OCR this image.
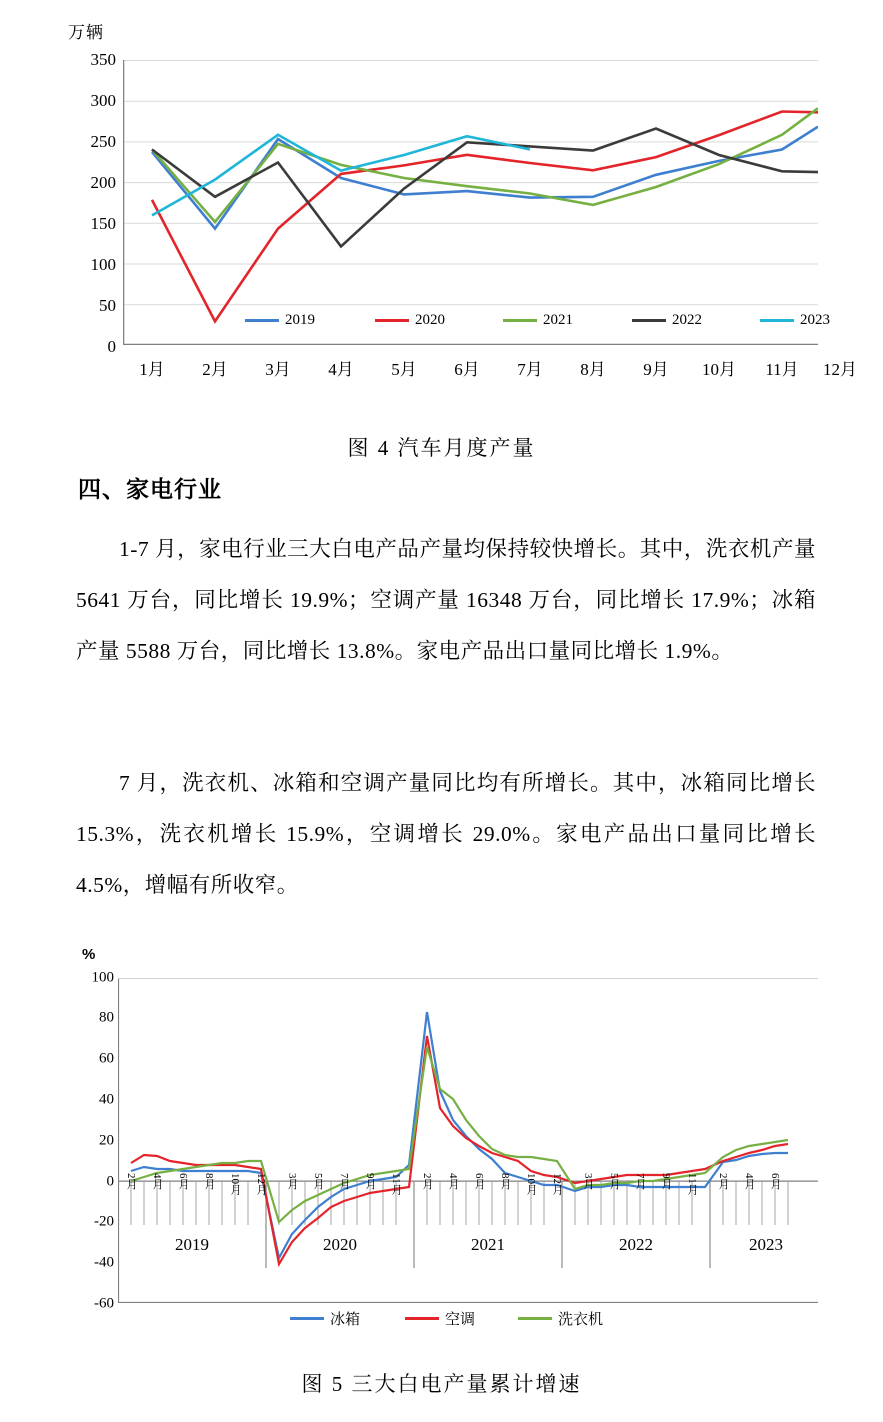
万辆
350
300
250
200
150
100
50
0
2019	2020	2021	2022	2023
1月 2月 3月 4月 5月 6月 7月 8月 9月 10月 11月 12月
图 4 汽车月度产量
四、家电行业
1-7 月，家电行业三大白电产品产量均保持较快增长。其中，洗衣机产量 5641 万台，同比增长 19.9%；空调产量 16348 万台，同比增长 17.9%；冰箱产量 5588 万台，同比增长 13.8%。家电产品出口量同比增长 1.9%。
7 月，洗衣机、冰箱和空调产量同比均有所增长。其中，冰箱同比增长 15.3%，洗衣机增长 15.9%，空调增长 29.0%。家电产品出口量同比增长 4.5%，增幅有所收窄。
%
100
80
60
40
20
0
-20
-40
-60
2月 4月 6月 8月 10月 12月 3月 5月 7月 9月 11月 2月 4月 6月 8月 10月 12月 3月 5月 7月 9月 11月 2月 4月 6月
2019	2020	2021	2022	2023
冰箱	空调	洗衣机
图 5 三大白电产量累计增速
